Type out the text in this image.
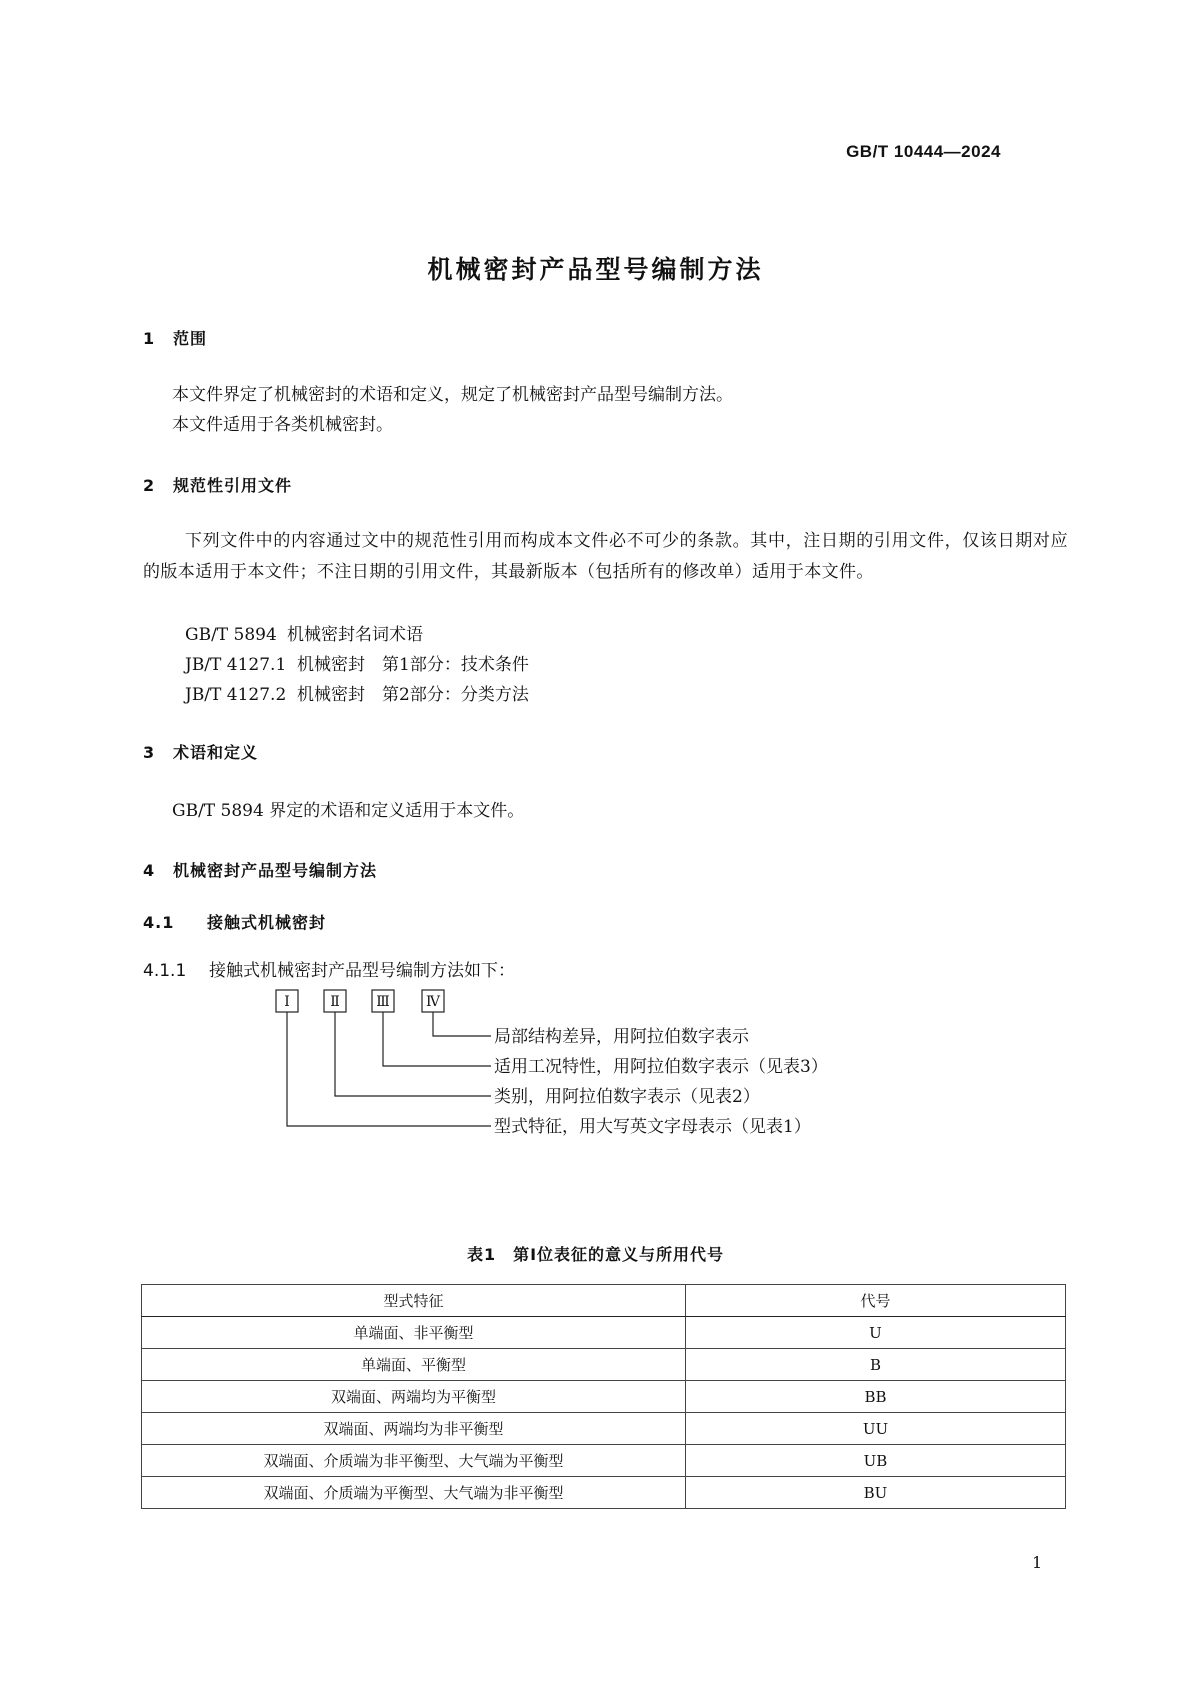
GB/T 10444—2024
机械密封产品型号编制方法
1 范围
本文件界定了机械密封的术语和定义，规定了机械密封产品型号编制方法。
本文件适用于各类机械密封。
2 规范性引用文件
下列文件中的内容通过文中的规范性引用而构成本文件必不可少的条款。其中，注日期的引用文件，仅该日期对应的版本适用于本文件；不注日期的引用文件，其最新版本（包括所有的修改单）适用于本文件。
GB/T 5894 机械密封名词术语
JB/T 4127.1 机械密封　第1部分：技术条件
JB/T 4127.2 机械密封　第2部分：分类方法
3 术语和定义
GB/T 5894 界定的术语和定义适用于本文件。
4 机械密封产品型号编制方法
4.1 接触式机械密封
4.1.1 接触式机械密封产品型号编制方法如下：
Ⅰ	Ⅱ	Ⅲ	Ⅳ
局部结构差异，用阿拉伯数字表示
适用工况特性，用阿拉伯数字表示（见表3）
类别，用阿拉伯数字表示（见表2）
型式特征，用大写英文字母表示（见表1）
表1　第Ⅰ位表征的意义与所用代号
型式特征	代号
单端面、非平衡型	U
单端面、平衡型	B
双端面、两端均为平衡型	BB
双端面、两端均为非平衡型	UU
双端面、介质端为非平衡型、大气端为平衡型	UB
双端面、介质端为平衡型、大气端为非平衡型	BU
1
